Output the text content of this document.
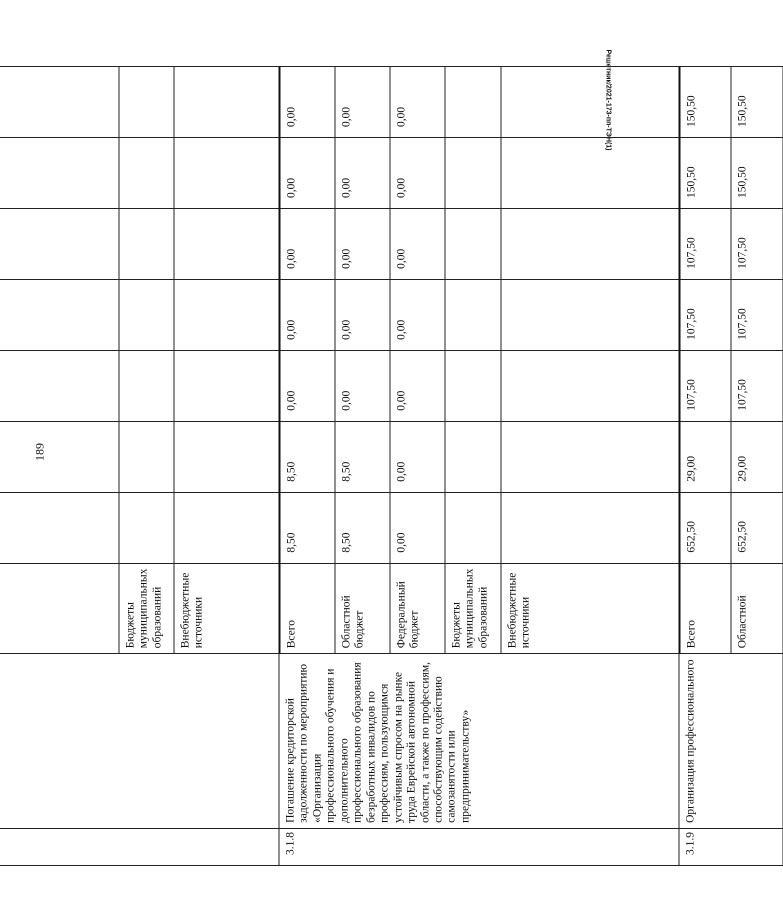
189
Решетник/2021-173-пп-ТЭН(1)

		Бюджеты муниципальных образований							
		Внебюджетные источники							
3.1.8	Погашение кредиторской задолженности по мероприятию «Организация профессионального обучения и дополнительного профессионального образования безработных инвалидов по профессиям, пользующимся устойчивым спросом на рынке труда Еврейской автономной области, а также по профессиям, способствующим содействию самозанятости или предпринимательству»	Всего	8,50	8,50	0,00	0,00	0,00	0,00	0,00
		Областной бюджет	8,50	8,50	0,00	0,00	0,00	0,00	0,00
		Федеральный бюджет	0,00	0,00	0,00	0,00	0,00	0,00	0,00
		Бюджеты муниципальных образований							
		Внебюджетные источники							
3.1.9	Организация профессионального	Всего	652,50	29,00	107,50	107,50	107,50	150,50	150,50
		Областной	652,50	29,00	107,50	107,50	107,50	150,50	150,50
